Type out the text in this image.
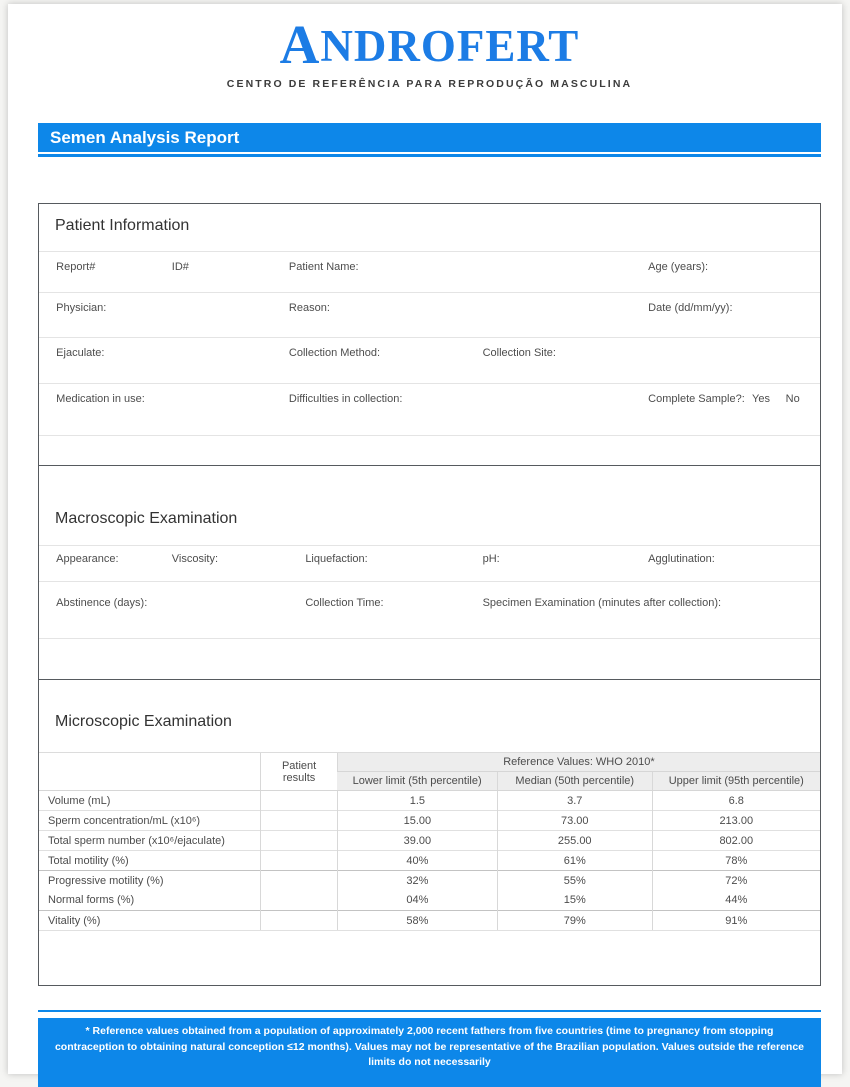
ANDROFERT
CENTRO DE REFERÊNCIA PARA REPRODUÇÃO MASCULINA
Semen Analysis Report
Patient Information
Report#	ID#	Patient Name:	Age (years):
Physician:	Reason:	Date (dd/mm/yy):
Ejaculate:	Collection Method:	Collection Site:
Medication in use:	Difficulties in collection:	Complete Sample?: Yes No
Macroscopic Examination
Appearance:	Viscosity:	Liquefaction:	pH:	Agglutination:
Abstinence (days):	Collection Time:	Specimen Examination (minutes after collection):
Microscopic Examination
	Patient results	Reference Values: WHO 2010*		
		Lower limit (5th percentile)	Median (50th percentile)	Upper limit (95th percentile)
Volume (mL)		1.5	3.7	6.8
Sperm concentration/mL (x10⁶)		15.00	73.00	213.00
Total sperm number (x10⁶/ejaculate)		39.00	255.00	802.00
Total motility (%)		40%	61%	78%
Progressive motility (%)		32%	55%	72%
Normal forms (%)		04%	15%	44%
Vitality (%)		58%	79%	91%
* Reference values obtained from a population of approximately 2,000 recent fathers from five countries (time to pregnancy from stopping contraception to obtaining natural conception ≤12 months). Values may not be representative of the Brazilian population. Values outside the reference limits do not necessarily
